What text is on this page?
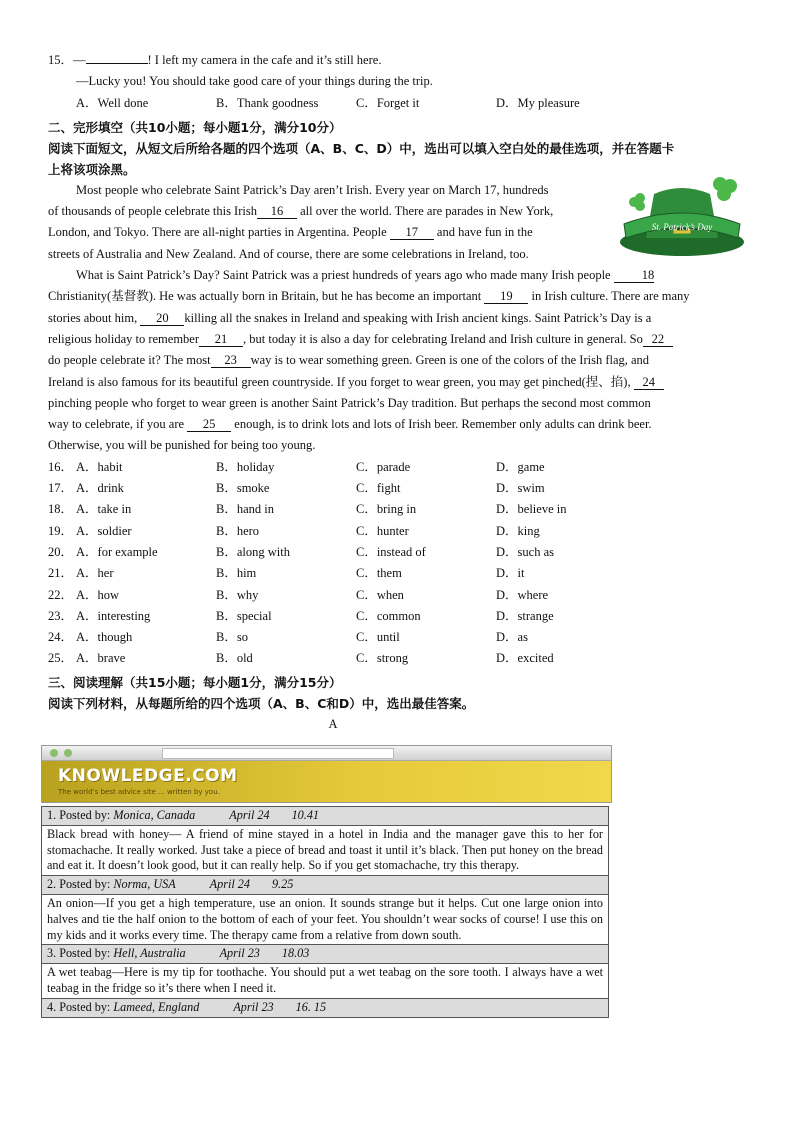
15．—	! I left my camera in the cafe and it’s still here.
—Lucky you! You should take good care of your things during the trip.
A．Well done	B．Thank goodness	C．Forget it	D．My pleasure
二、完形填空（共10小题；每小题1分，满分10分）
阅读下面短文，从短文后所给各题的四个选项（A、B、C、D）中，选出可以填入空白处的最佳选项，并在答题卡
上将该项涂黑。
St. Patrick’s Day

Most people who celebrate Saint Patrick’s Day aren’t Irish. Every year on March 17, hundreds

of thousands of people celebrate this Irish 16 all over the world. There are parades in New York,
London, and Tokyo. There are all-night parties in Argentina. People 17 and have fun in the
streets of Australia and New Zealand. And of course, there are some celebrations in Ireland, too.

What is Saint Patrick’s Day? Saint Patrick was a priest hundreds of years ago who made many Irish people 18

Christianity(基督教). He was actually born in Britain, but he has become an important 19 in Irish culture. There are many
stories about him, 20 killing all the snakes in Ireland and speaking with Irish ancient kings. Saint Patrick’s Day is a
religious holiday to remember 21 , but today it is also a day for celebrating Ireland and Irish culture in general. So 22
do people celebrate it? The most 23 way is to wear something green. Green is one of the colors of the Irish flag, and
Ireland is also famous for its beautiful green countryside. If you forget to wear green, you may get pinched(捏、掐), 24
pinching people who forget to wear green is another Saint Patrick’s Day tradition. But perhaps the second most common
way to celebrate, if you are 25 enough, is to drink lots and lots of Irish beer. Remember only adults can drink beer.
Otherwise, you will be punished for being too young.
16． A．habit	B．holiday	C．parade	D．game
17． A．drink	B．smoke	C．fight	D．swim
18． A．take in	B．hand in	C．bring in	D．believe in
19． A．soldier	B．hero	C．hunter	D．king
20． A．for example	B．along with	C．instead of	D．such as
21． A．her	B．him	C．them	D．it
22． A．how	B．why	C．when	D．where
23． A．interesting	B．special	C．common	D．strange
24． A．though	B．so	C．until	D．as
25． A．brave	B．old	C．strong	D．excited
三、阅读理解（共15小题；每小题1分，满分15分）
阅读下列材料，从每题所给的四个选项（A、B、C和D）中，选出最佳答案。
A
KNOWLEDGE.COM
The world’s best advice site ... written by you.
1. Posted by: Monica, Canada	April 24 10.41
Black bread with honey— A friend of mine stayed in a hotel in India and the manager gave this to her for stomachache. It really worked. Just take a piece of bread and toast it until it’s black. Then put honey on the bread and eat it. It doesn’t look good, but it can really help. So if you get stomachache, try this therapy.
2. Posted by: Norma, USA	April 24 9.25
An onion—If you get a high temperature, use an onion. It sounds strange but it helps. Cut one large onion into halves and tie the half onion to the bottom of each of your feet. You shouldn’t wear socks of course! I use this on my kids and it works every time. The therapy came from a relative from down south.
3. Posted by: Hell, Australia	April 23 18.03
A wet teabag—Here is my tip for toothache. You should put a wet teabag on the sore tooth. I always have a wet teabag in the fridge so it’s there when I need it.
4. Posted by: Lameed, England	April 23 16. 15
